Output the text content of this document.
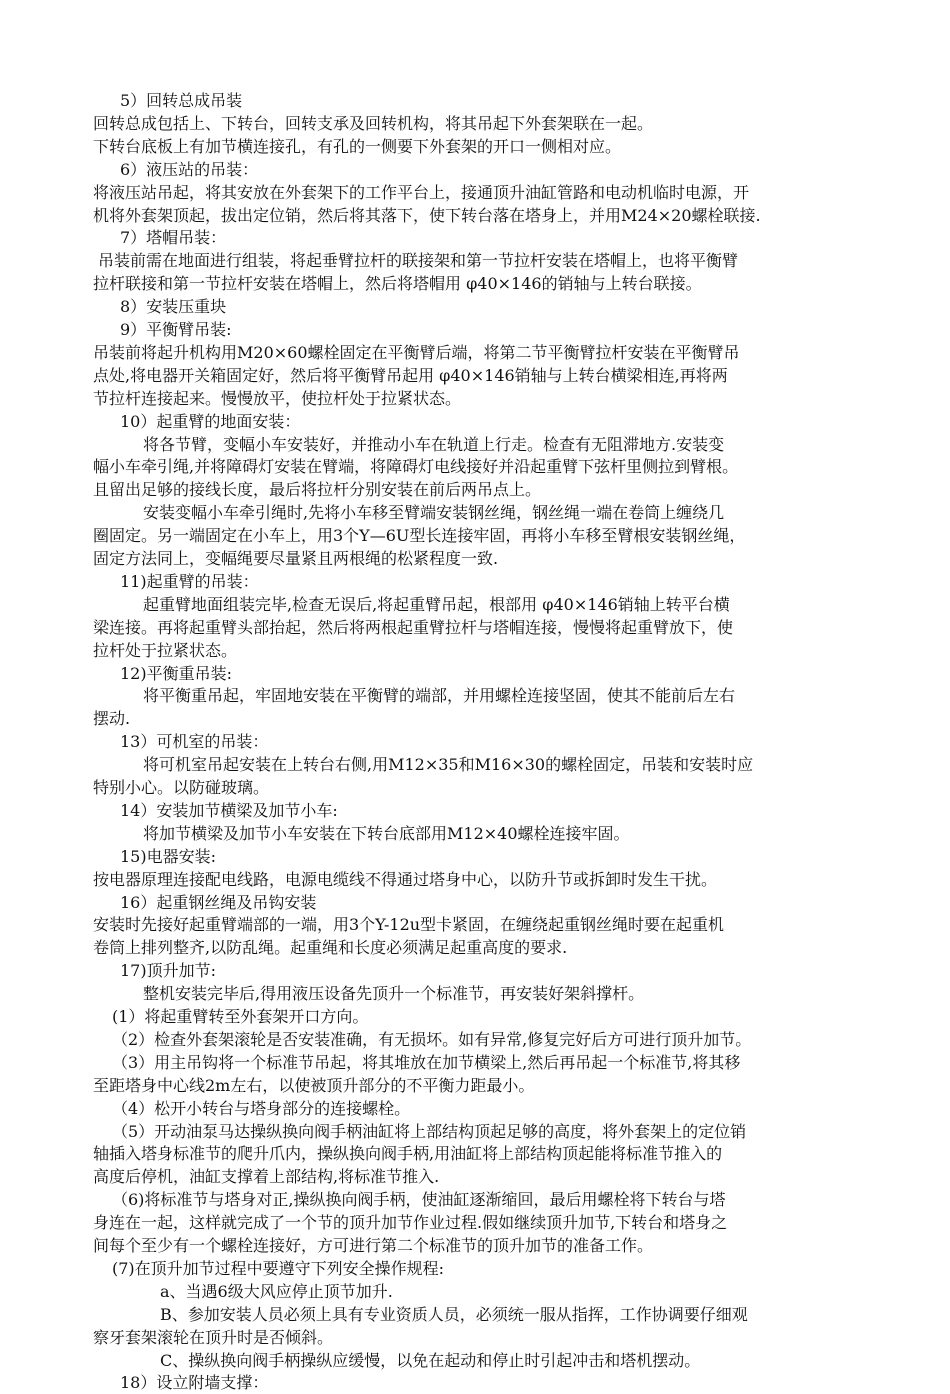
5）回转总成吊装

回转总成包括上、下转台，回转支承及回转机构，将其吊起下外套架联在一起。

下转台底板上有加节横连接孔，有孔的一侧要下外套架的开口一侧相对应。

6）液压站的吊装：

将液压站吊起，将其安放在外套架下的工作平台上，接通顶升油缸管路和电动机临时电源，开

机将外套架顶起，拔出定位销，然后将其落下，使下转台落在塔身上，并用M24×20螺栓联接.

7）塔帽吊装：

吊装前需在地面进行组装，将起垂臂拉杆的联接架和第一节拉杆安装在塔帽上，也将平衡臂

拉杆联接和第一节拉杆安装在塔帽上，然后将塔帽用 φ40×146的销轴与上转台联接。

8）安装压重块

9）平衡臂吊装:

吊装前将起升机构用M20×60螺栓固定在平衡臂后端，将第二节平衡臂拉杆安装在平衡臂吊

点处,将电器开关箱固定好，然后将平衡臂吊起用 φ40×146销轴与上转台横梁相连,再将两

节拉杆连接起来。慢慢放平，使拉杆处于拉紧状态。

10）起重臂的地面安装：

将各节臂，变幅小车安装好，并推动小车在轨道上行走。检查有无阻滞地方.安装变

幅小车牵引绳,并将障碍灯安装在臂端，将障碍灯电线接好并沿起重臂下弦杆里侧拉到臂根。

且留出足够的接线长度，最后将拉杆分别安装在前后两吊点上。

安装变幅小车牵引绳时,先将小车移至臂端安装钢丝绳，钢丝绳一端在卷筒上缠绕几

圈固定。另一端固定在小车上，用3个Y—6U型长连接牢固，再将小车移至臂根安装钢丝绳，

固定方法同上，变幅绳要尽量紧且两根绳的松紧程度一致.

11)起重臂的吊装：

起重臂地面组装完毕,检查无误后,将起重臂吊起，根部用 φ40×146销轴上转平台横

梁连接。再将起重臂头部抬起，然后将两根起重臂拉杆与塔帽连接，慢慢将起重臂放下，使

拉杆处于拉紧状态。

12)平衡重吊装:

将平衡重吊起，牢固地安装在平衡臂的端部，并用螺栓连接坚固，使其不能前后左右

摆动.

13）可机室的吊装：

将可机室吊起安装在上转台右侧,用M12×35和M16×30的螺栓固定，吊装和安装时应

特别小心。以防碰玻璃。

14）安装加节横梁及加节小车:

将加节横梁及加节小车安装在下转台底部用M12×40螺栓连接牢固。

15)电器安装:

按电器原理连接配电线路，电源电缆线不得通过塔身中心，以防升节或拆卸时发生干扰。

16）起重钢丝绳及吊钩安装

安装时先接好起重臂端部的一端，用3个Y-12u型卡紧固，在缠绕起重钢丝绳时要在起重机

卷筒上排列整齐,以防乱绳。起重绳和长度必须满足起重高度的要求.

17)顶升加节:

整机安装完毕后,得用液压设备先顶升一个标准节，再安装好架斜撑杆。

(1）将起重臂转至外套架开口方向。

（2）检查外套架滚轮是否安装准确，有无损坏。如有异常,修复完好后方可进行顶升加节。

（3）用主吊钩将一个标准节吊起，将其堆放在加节横梁上,然后再吊起一个标准节,将其移

至距塔身中心线2m左右，以使被顶升部分的不平衡力距最小。

（4）松开小转台与塔身部分的连接螺栓。

（5）开动油泵马达操纵换向阀手柄油缸将上部结构顶起足够的高度，将外套架上的定位销

轴插入塔身标准节的爬升爪内，操纵换向阀手柄,用油缸将上部结构顶起能将标准节推入的

高度后停机，油缸支撑着上部结构,将标准节推入.

（6)将标准节与塔身对正,操纵换向阀手柄，使油缸逐渐缩回，最后用螺栓将下转台与塔

身连在一起，这样就完成了一个节的顶升加节作业过程.假如继续顶升加节,下转台和塔身之

间每个至少有一个螺栓连接好，方可进行第二个标准节的顶升加节的准备工作。

(7)在顶升加节过程中要遵守下列安全操作规程:

a、当遇6级大风应停止顶节加升.

B、参加安装人员必须上具有专业资质人员，必须统一服从指挥，工作协调要仔细观

察牙套架滚轮在顶升时是否倾斜。

C、操纵换向阀手柄操纵应缓慢，以免在起动和停止时引起冲击和塔机摆动。

18）设立附墙支撑：
